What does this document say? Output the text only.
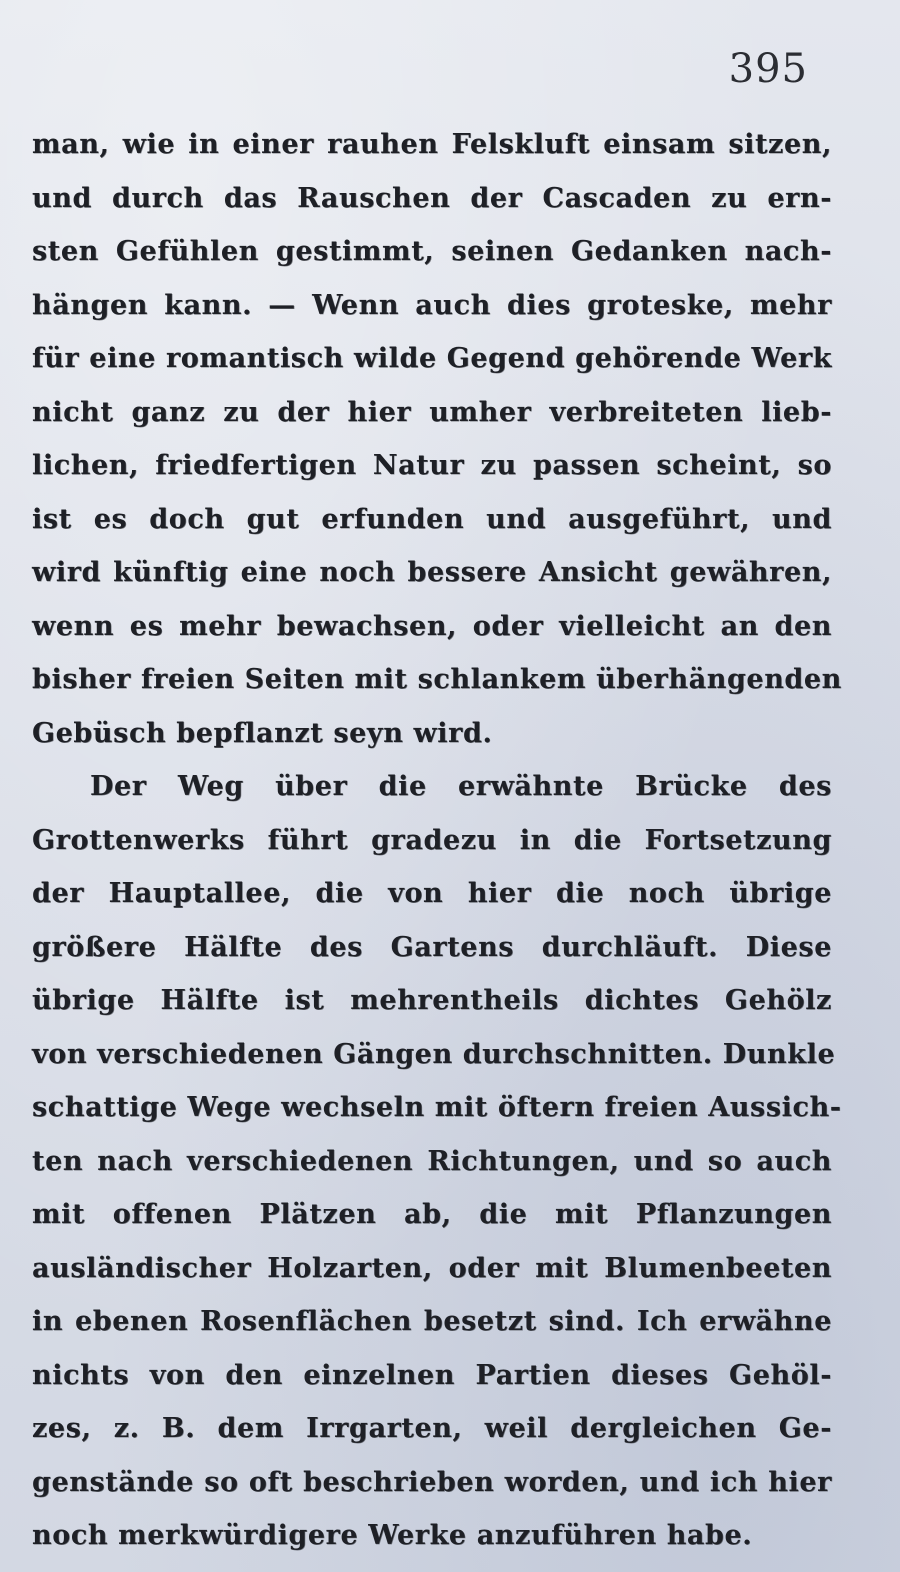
395
man, wie in einer rauhen Felskluft einsam sitzen,
und durch das Rauschen der Cascaden zu ern-
sten Gefühlen gestimmt, seinen Gedanken nach-
hängen kann. — Wenn auch dies groteske, mehr
für eine romantisch wilde Gegend gehörende Werk
nicht ganz zu der hier umher verbreiteten lieb-
lichen, friedfertigen Natur zu passen scheint, so
ist es doch gut erfunden und ausgeführt, und
wird künftig eine noch bessere Ansicht gewähren,
wenn es mehr bewachsen, oder vielleicht an den
bisher freien Seiten mit schlankem überhängenden
Gebüsch bepflanzt seyn wird.
Der Weg über die erwähnte Brücke des
Grottenwerks führt gradezu in die Fortsetzung
der Hauptallee, die von hier die noch übrige
größere Hälfte des Gartens durchläuft. Diese
übrige Hälfte ist mehrentheils dichtes Gehölz
von verschiedenen Gängen durchschnitten. Dunkle
schattige Wege wechseln mit öftern freien Aussich-
ten nach verschiedenen Richtungen, und so auch
mit offenen Plätzen ab, die mit Pflanzungen
ausländischer Holzarten, oder mit Blumenbeeten
in ebenen Rosenflächen besetzt sind. Ich erwähne
nichts von den einzelnen Partien dieses Gehöl-
zes, z. B. dem Irrgarten, weil dergleichen Ge-
genstände so oft beschrieben worden, und ich hier
noch merkwürdigere Werke anzuführen habe.
